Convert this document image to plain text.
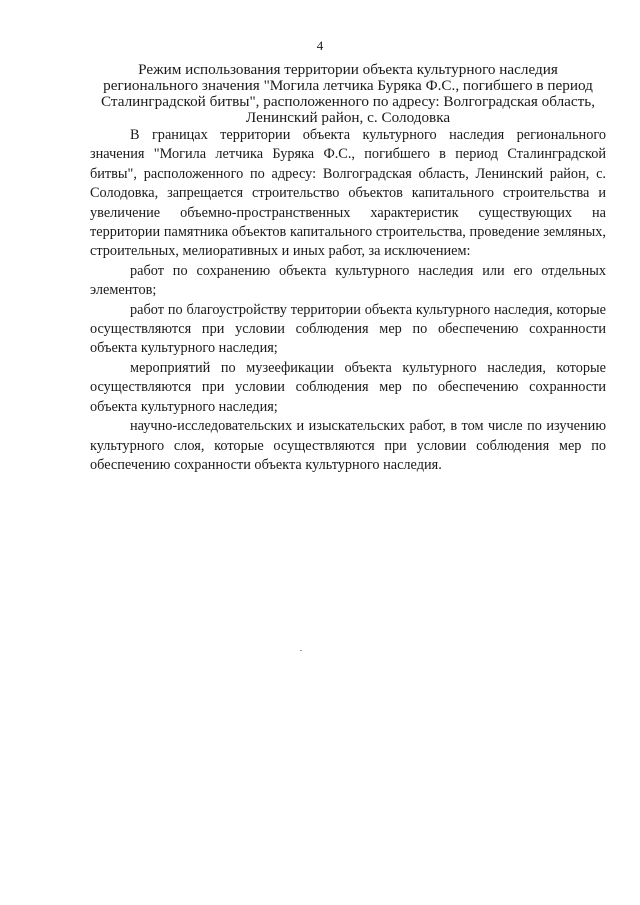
4
Режим использования территории объекта культурного наследия
регионального значения "Могила летчика Буряка Ф.С., погибшего в период
Сталинградской битвы", расположенного по адресу: Волгоградская область,
Ленинский район, с. Солодовка

В границах территории объекта культурного наследия регионального значения "Могила летчика Буряка Ф.С., погибшего в период Сталинградской битвы", расположенного по адресу: Волгоградская область, Ленинский район, с. Солодовка, запрещается строительство объектов капитального строительства и увеличение объемно-пространственных характеристик существующих на территории памятника объектов капитального строительства, проведение земляных, строительных, мелиоративных и иных работ, за исключением:

работ по сохранению объекта культурного наследия или его отдельных элементов;

работ по благоустройству территории объекта культурного наследия, которые осуществляются при условии соблюдения мер по обеспечению сохранности объекта культурного наследия;

мероприятий по музеефикации объекта культурного наследия, которые осуществляются при условии соблюдения мер по обеспечению сохранности объекта культурного наследия;

научно-исследовательских и изыскательских работ, в том числе по изучению культурного слоя, которые осуществляются при условии соблюдения мер по обеспечению сохранности объекта культурного наследия.
